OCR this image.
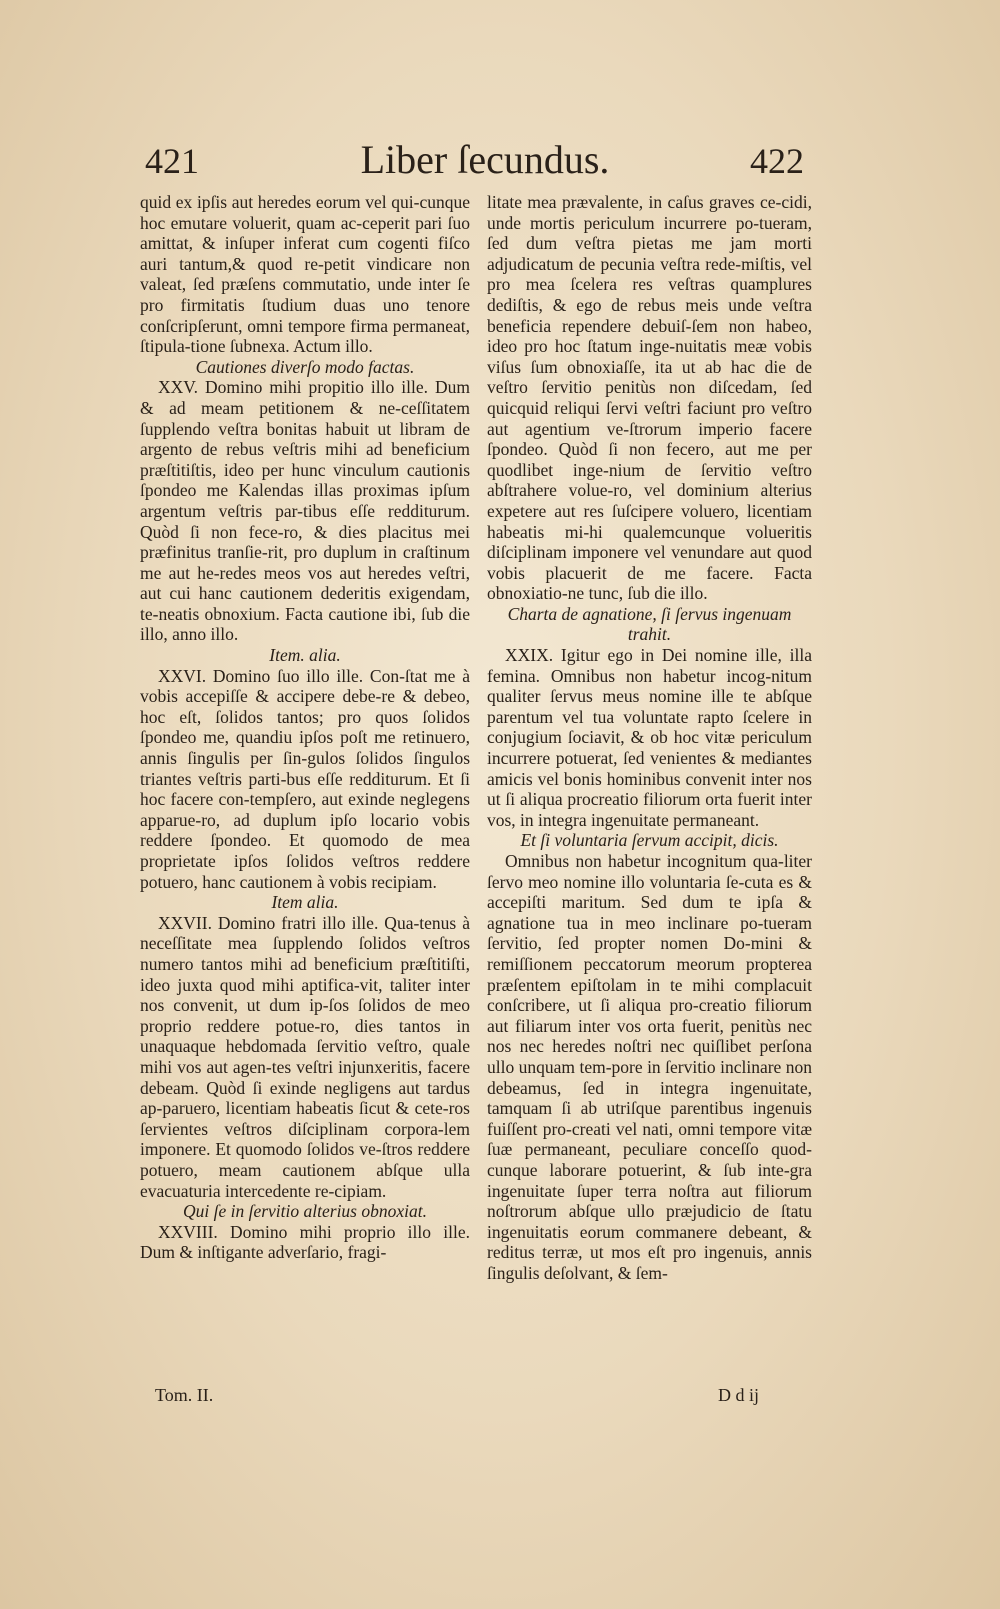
421	Liber ſecundus.	422

quid ex ipſis aut heredes eorum vel qui-cunque hoc emutare voluerit, quam ac-ceperit pari ſuo amittat, & inſuper inferat cum cogenti fiſco auri tantum,& quod re-petit vindicare non valeat, ſed præſens commutatio, unde inter ſe pro firmitatis ſtudium duas uno tenore conſcripſerunt, omni tempore firma permaneat, ſtipula-tione ſubnexa. Actum illo.

Cautiones diverſo modo factas.

XXV. Domino mihi propitio illo ille. Dum & ad meam petitionem & ne-ceſſitatem ſupplendo veſtra bonitas habuit ut libram de argento de rebus veſtris mihi ad beneficium præſtitiſtis, ideo per hunc vinculum cautionis ſpondeo me Kalendas illas proximas ipſum argentum veſtris par-tibus eſſe redditurum. Quòd ſi non fece-ro, & dies placitus mei præfinitus tranſie-rit, pro duplum in craſtinum me aut he-redes meos vos aut heredes veſtri, aut cui hanc cautionem dederitis exigendam, te-neatis obnoxium. Facta cautione ibi, ſub die illo, anno illo.

Item. alia.

XXVI. Domino ſuo illo ille. Con-ſtat me à vobis accepiſſe & accipere debe-re & debeo, hoc eſt, ſolidos tantos; pro quos ſolidos ſpondeo me, quandiu ipſos poſt me retinuero, annis ſingulis per ſin-gulos ſolidos ſingulos triantes veſtris parti-bus eſſe redditurum. Et ſi hoc facere con-tempſero, aut exinde neglegens apparue-ro, ad duplum ipſo locario vobis reddere ſpondeo. Et quomodo de mea proprietate ipſos ſolidos veſtros reddere potuero, hanc cautionem à vobis recipiam.

Item alia.

XXVII. Domino fratri illo ille. Qua-tenus à neceſſitate mea ſupplendo ſolidos veſtros numero tantos mihi ad beneficium præſtitiſti, ideo juxta quod mihi aptifica-vit, taliter inter nos convenit, ut dum ip-ſos ſolidos de meo proprio reddere potue-ro, dies tantos in unaquaque hebdomada ſervitio veſtro, quale mihi vos aut agen-tes veſtri injunxeritis, facere debeam. Quòd ſi exinde negligens aut tardus ap-paruero, licentiam habeatis ſicut & cete-ros ſervientes veſtros diſciplinam corpora-lem imponere. Et quomodo ſolidos ve-ſtros reddere potuero, meam cautionem abſque ulla evacuaturia intercedente re-cipiam.

Qui ſe in ſervitio alterius obnoxiat.

XXVIII. Domino mihi proprio illo ille. Dum & inſtigante adverſario, fragi-

litate mea prævalente, in caſus graves ce-cidi, unde mortis periculum incurrere po-tueram, ſed dum veſtra pietas me jam morti adjudicatum de pecunia veſtra rede-miſtis, vel pro mea ſcelera res veſtras quamplures dediſtis, & ego de rebus meis unde veſtra beneficia rependere debuiſ-ſem non habeo, ideo pro hoc ſtatum inge-nuitatis meæ vobis viſus ſum obnoxiaſſe, ita ut ab hac die de veſtro ſervitio penitùs non diſcedam, ſed quicquid reliqui ſervi veſtri faciunt pro veſtro aut agentium ve-ſtrorum imperio facere ſpondeo. Quòd ſi non fecero, aut me per quodlibet inge-nium de ſervitio veſtro abſtrahere volue-ro, vel dominium alterius expetere aut res ſuſcipere voluero, licentiam habeatis mi-hi qualemcunque volueritis diſciplinam imponere vel venundare aut quod vobis placuerit de me facere. Facta obnoxiatio-ne tunc, ſub die illo.

Charta de agnatione, ſi ſervus ingenuam trahit.

XXIX. Igitur ego in Dei nomine ille, illa femina. Omnibus non habetur incog-nitum qualiter ſervus meus nomine ille te abſque parentum vel tua voluntate rapto ſcelere in conjugium ſociavit, & ob hoc vitæ periculum incurrere potuerat, ſed venientes & mediantes amicis vel bonis hominibus convenit inter nos ut ſi aliqua procreatio filiorum orta fuerit inter vos, in integra ingenuitate permaneant.

Et ſi voluntaria ſervum accipit, dicis.

Omnibus non habetur incognitum qua-liter ſervo meo nomine illo voluntaria ſe-cuta es & accepiſti maritum. Sed dum te ipſa & agnatione tua in meo inclinare po-tueram ſervitio, ſed propter nomen Do-mini & remiſſionem peccatorum meorum propterea præſentem epiſtolam in te mihi complacuit conſcribere, ut ſi aliqua pro-creatio filiorum aut filiarum inter vos orta fuerit, penitùs nec nos nec heredes noſtri nec quiſlibet perſona ullo unquam tem-pore in ſervitio inclinare non debeamus, ſed in integra ingenuitate, tamquam ſi ab utriſque parentibus ingenuis fuiſſent pro-creati vel nati, omni tempore vitæ ſuæ permaneant, peculiare conceſſo quod-cunque laborare potuerint, & ſub inte-gra ingenuitate ſuper terra noſtra aut filiorum noſtrorum abſque ullo præjudicio de ſtatu ingenuitatis eorum commanere debeant, & reditus terræ, ut mos eſt pro ingenuis, annis ſingulis deſolvant, & ſem-

Tom. II.	D d ij
